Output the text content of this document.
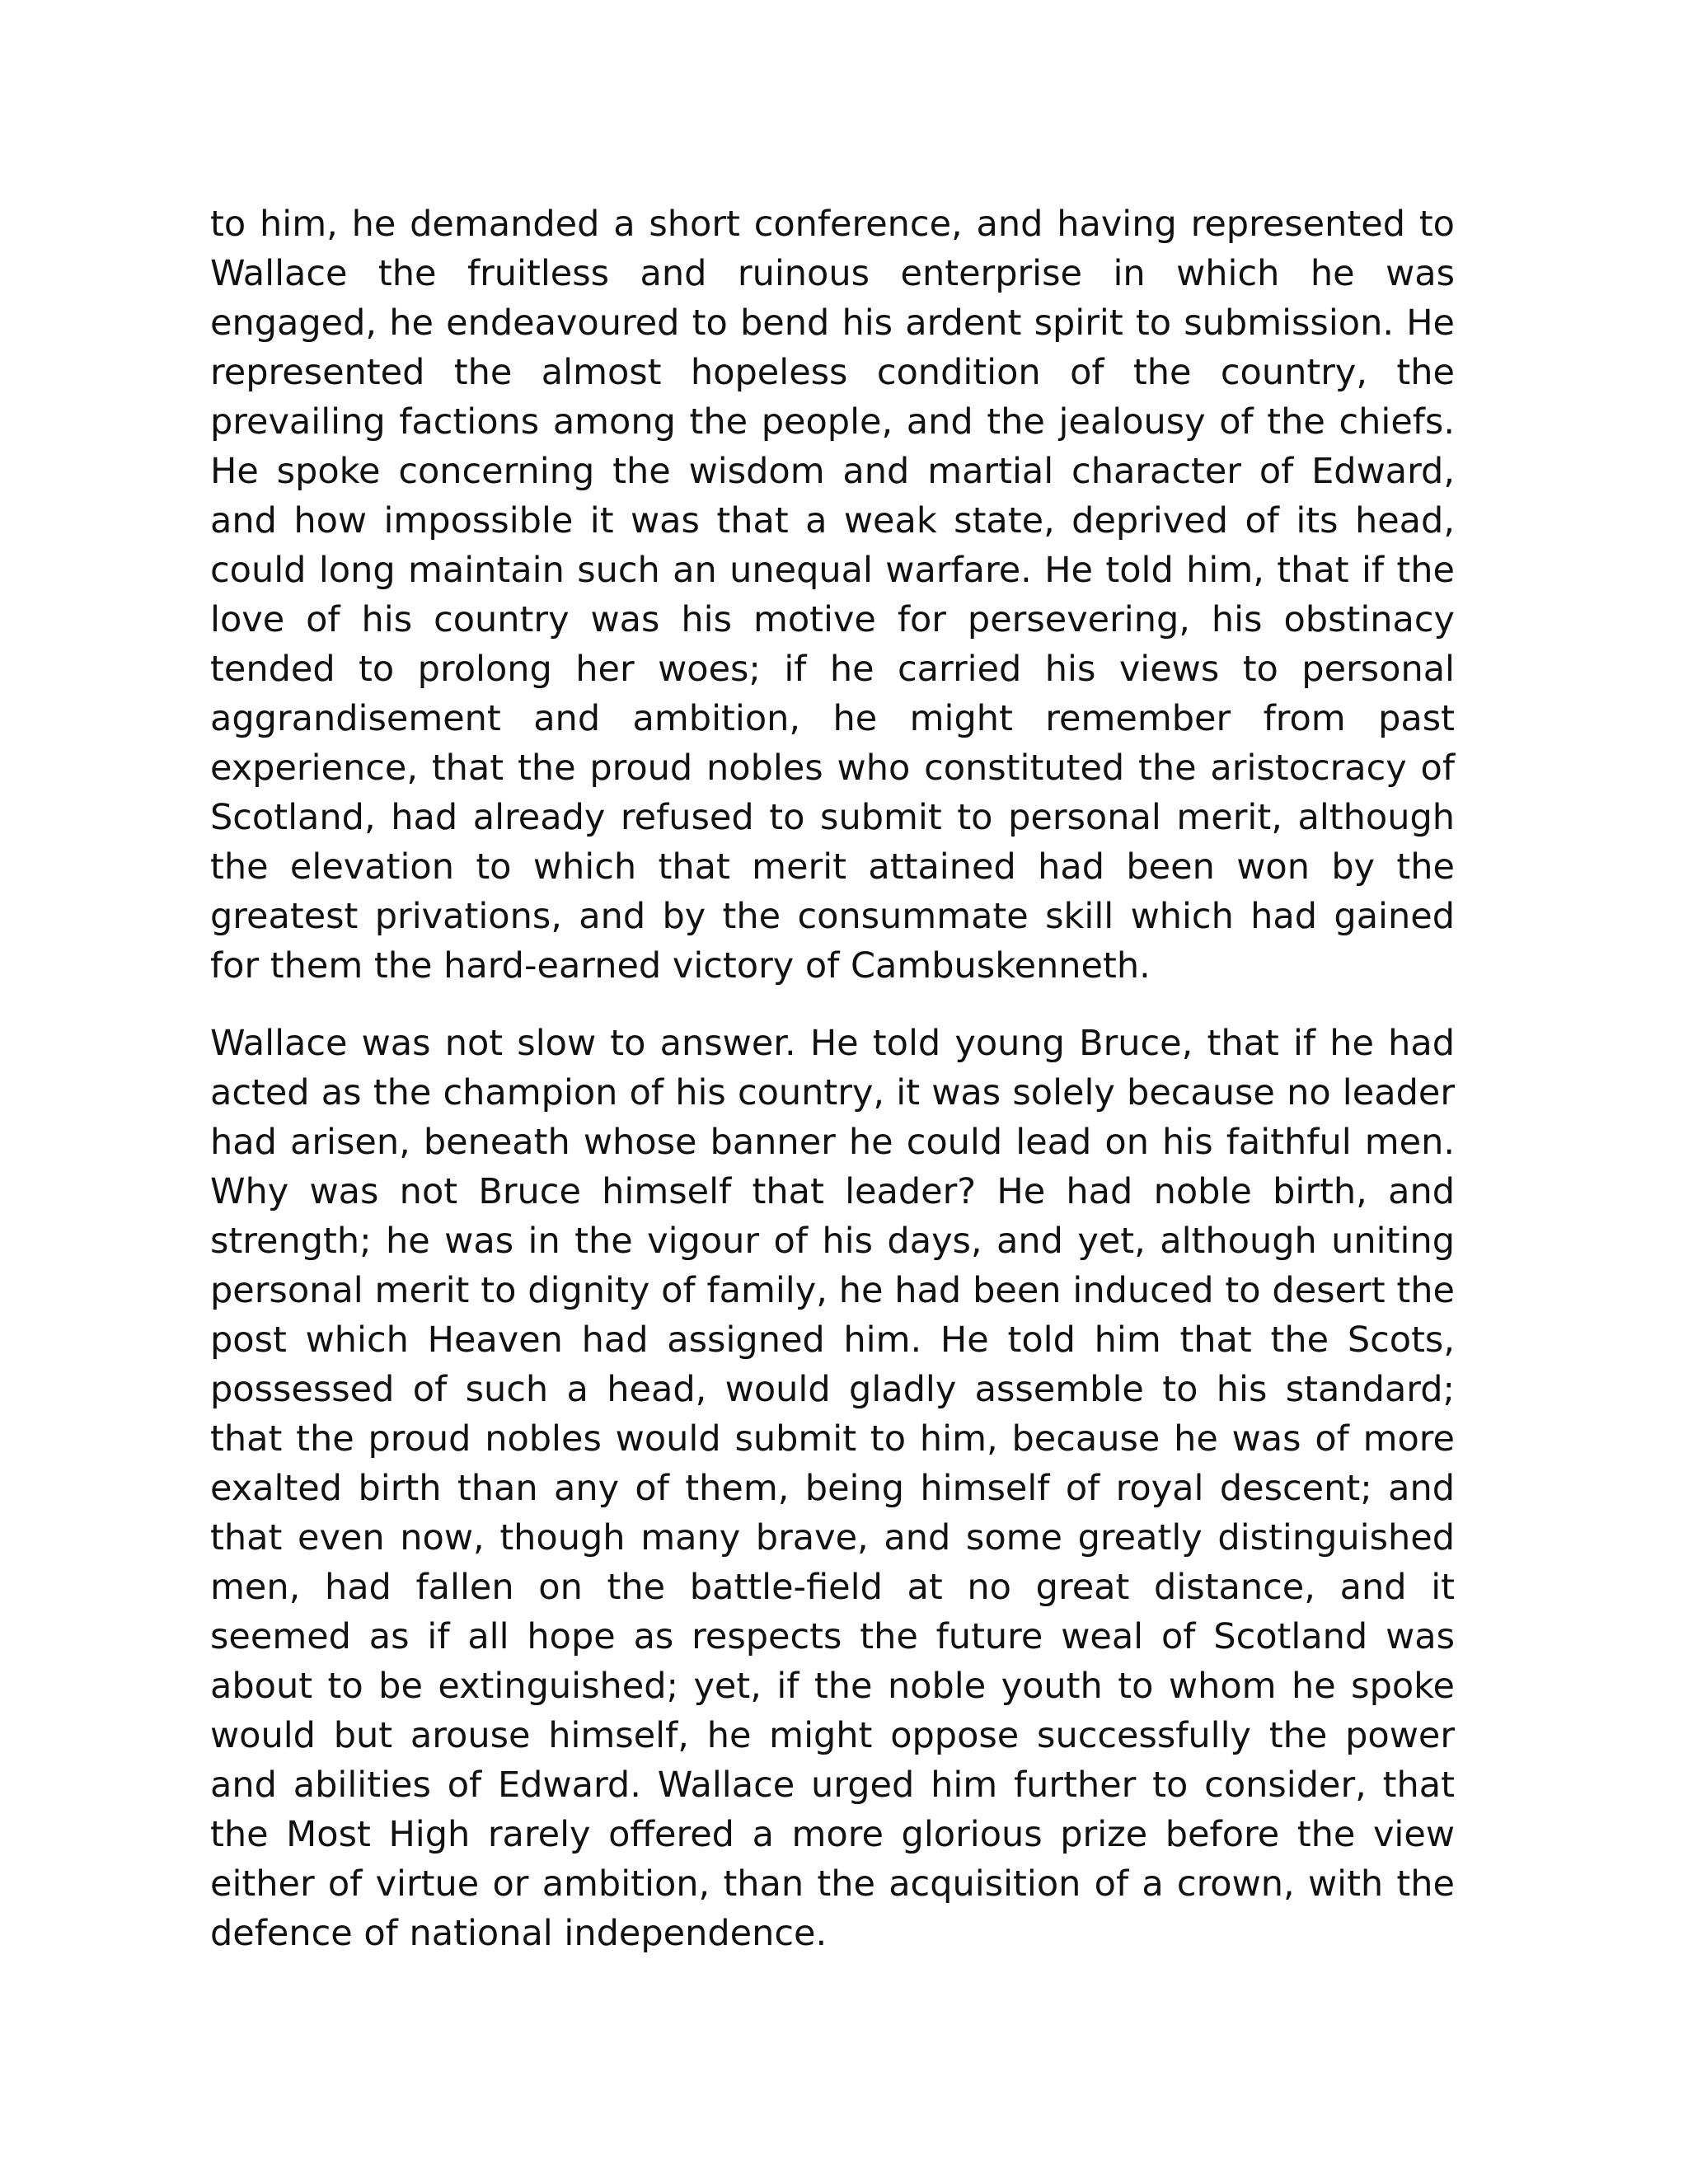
to him, he demanded a short conference, and having represented to Wallace the fruitless and ruinous enterprise in which he was engaged, he endeavoured to bend his ardent spirit to submission. He represented the almost hopeless condition of the country, the prevailing factions among the people, and the jealousy of the chiefs. He spoke concerning the wisdom and martial character of Edward, and how impossible it was that a weak state, deprived of its head, could long maintain such an unequal warfare. He told him, that if the love of his country was his motive for persevering, his obstinacy tended to prolong her woes; if he carried his views to personal aggrandisement and ambition, he might remember from past experience, that the proud nobles who constituted the aristocracy of Scotland, had already refused to submit to personal merit, although the elevation to which that merit attained had been won by the greatest privations, and by the consummate skill which had gained for them the hard-earned victory of Cambuskenneth.

Wallace was not slow to answer. He told young Bruce, that if he had acted as the champion of his country, it was solely because no leader had arisen, beneath whose banner he could lead on his faithful men. Why was not Bruce himself that leader? He had noble birth, and strength; he was in the vigour of his days, and yet, although uniting personal merit to dignity of family, he had been induced to desert the post which Heaven had assigned him. He told him that the Scots, possessed of such a head, would gladly assemble to his standard; that the proud nobles would submit to him, because he was of more exalted birth than any of them, being himself of royal descent; and that even now, though many brave, and some greatly distinguished men, had fallen on the battle-field at no great distance, and it seemed as if all hope as respects the future weal of Scotland was about to be extinguished; yet, if the noble youth to whom he spoke would but arouse himself, he might oppose successfully the power and abilities of Edward. Wallace urged him further to consider, that the Most High rarely offered a more glorious prize before the view either of virtue or ambition, than the acquisition of a crown, with the defence of national independence.
